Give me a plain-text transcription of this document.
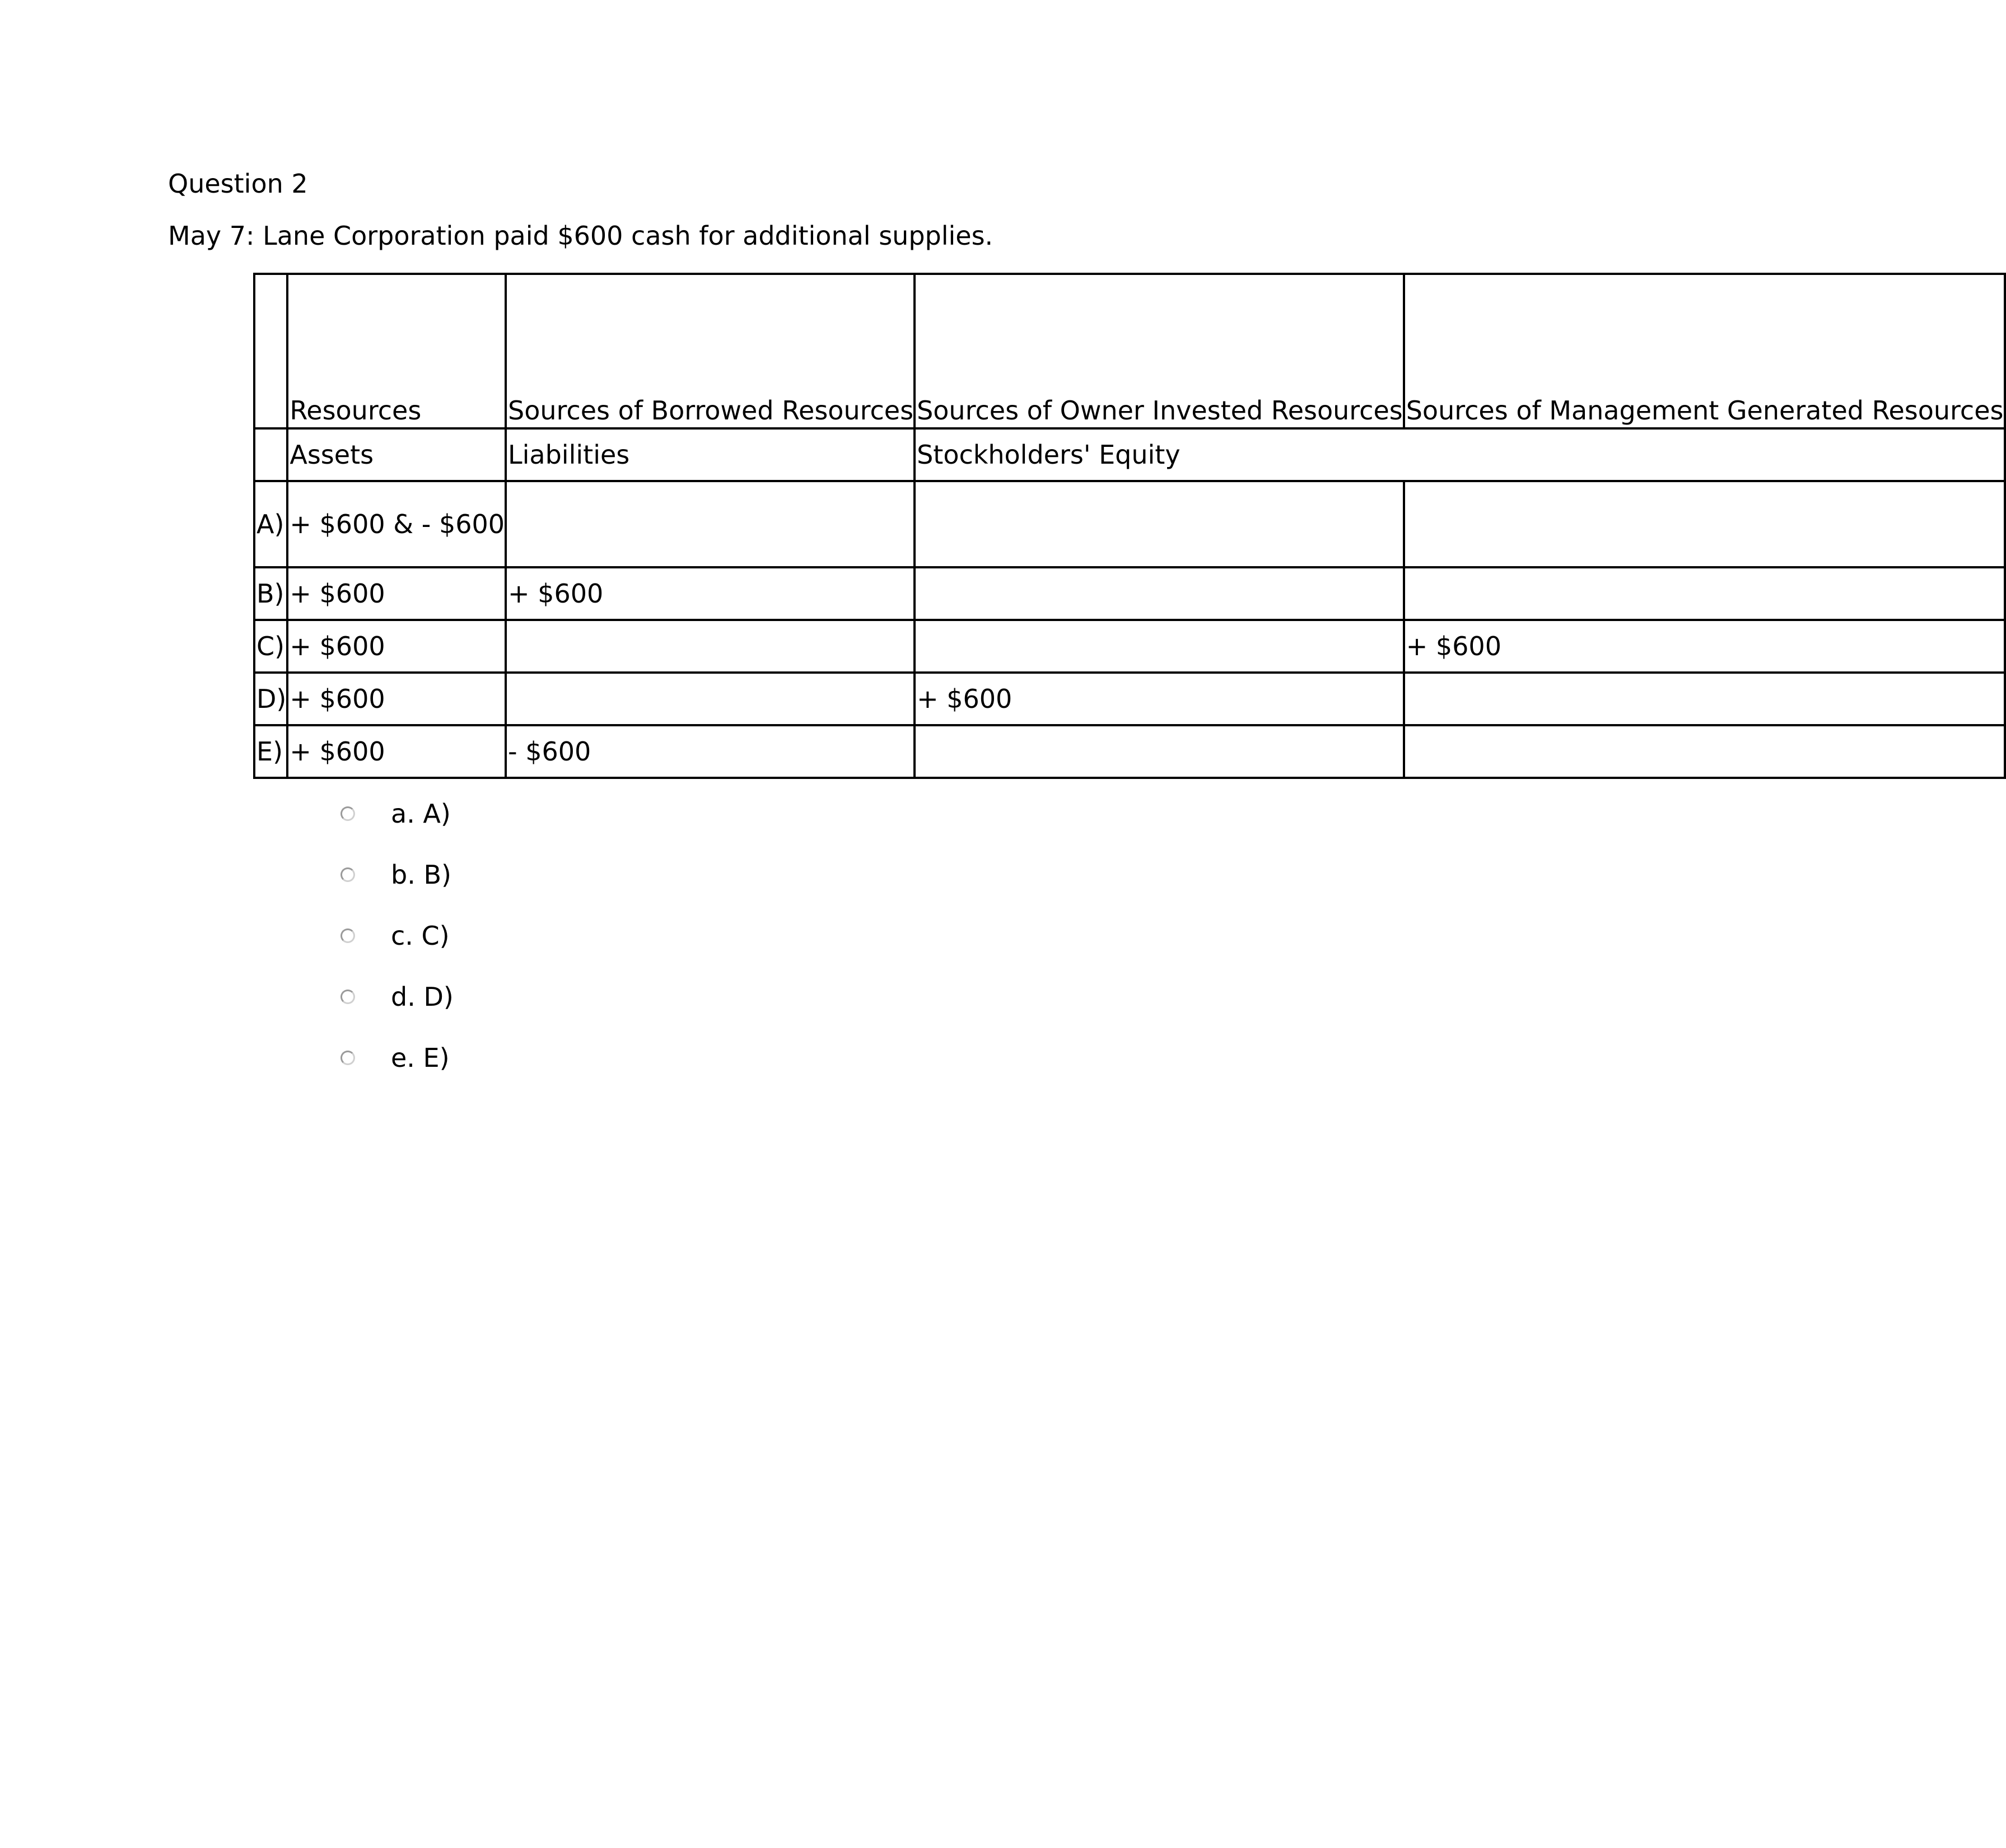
Question 2
May 7: Lane Corporation paid $600 cash for additional supplies.
	Resources	Sources of Borrowed Resources	Sources of Owner Invested Resources	Sources of Management Generated Resources
	Assets	Liabilities	Stockholders' Equity	
A)	+ $600 & - $600			
B)	+ $600	+ $600		
C)	+ $600			+ $600
D)	+ $600		+ $600	
E)	+ $600	- $600		
a. A)
b. B)
c. C)
d. D)
e. E)
